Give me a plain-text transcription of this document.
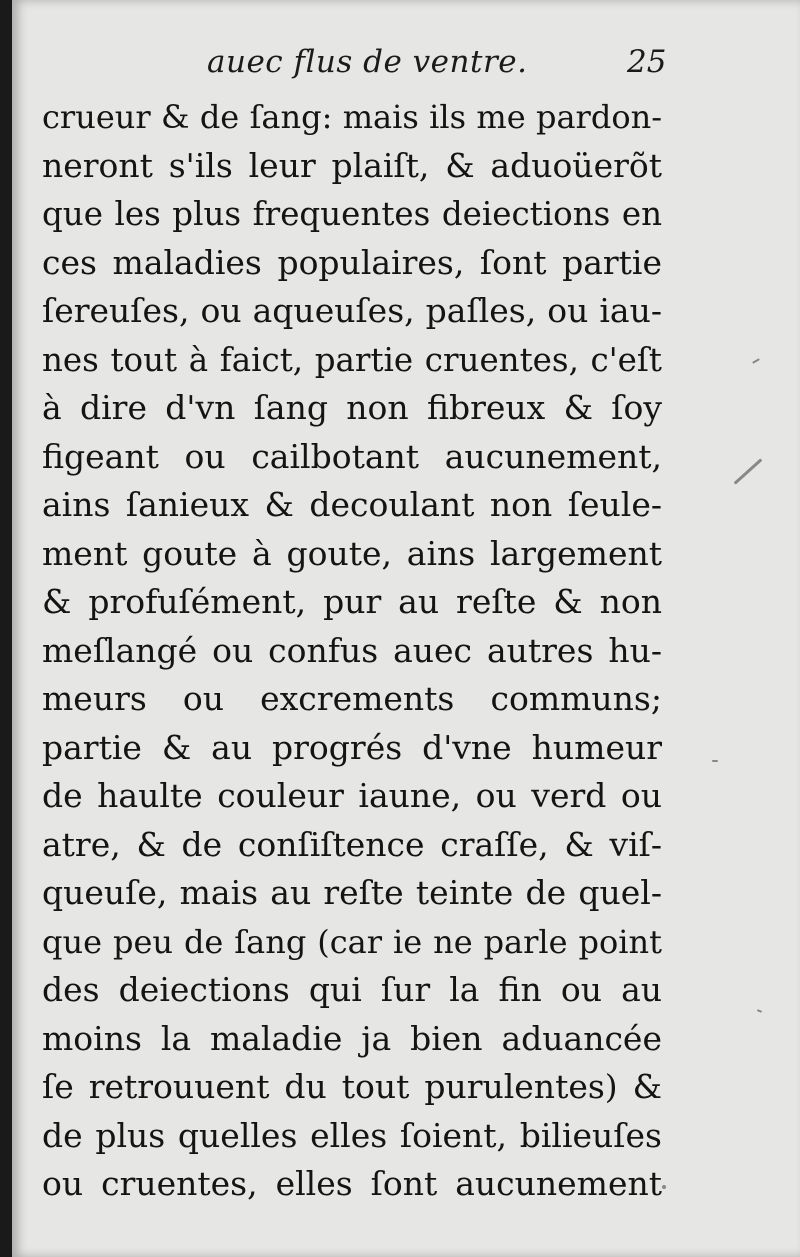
auec flus de ventre.	25
crueur & de ſang: mais ils me pardon-
neront s'ils leur plaiſt, & aduoüerõt
que les plus frequentes deiections en
ces maladies populaires, ſont partie
ſereuſes, ou aqueuſes, paſles, ou iau-
nes tout à faict, partie cruentes, c'eſt
à dire d'vn ſang non fibreux & ſoy
figeant ou cailbotant aucunement,
ains ſanieux & decoulant non ſeule-
ment goute à goute, ains largement
& profuſément, pur au reſte & non
meſlangé ou confus auec autres hu-
meurs ou excrements communs;
partie & au progrés d'vne humeur
de haulte couleur iaune, ou verd ou
atre, & de conſiſtence craſſe, & viſ-
queuſe, mais au reſte teinte de quel-
que peu de ſang (car ie ne parle point
des deiections qui ſur la fin ou au
moins la maladie ja bien aduancée
ſe retrouuent du tout purulentes) &
de plus quelles elles ſoient, bilieuſes
ou cruentes, elles ſont aucunement
